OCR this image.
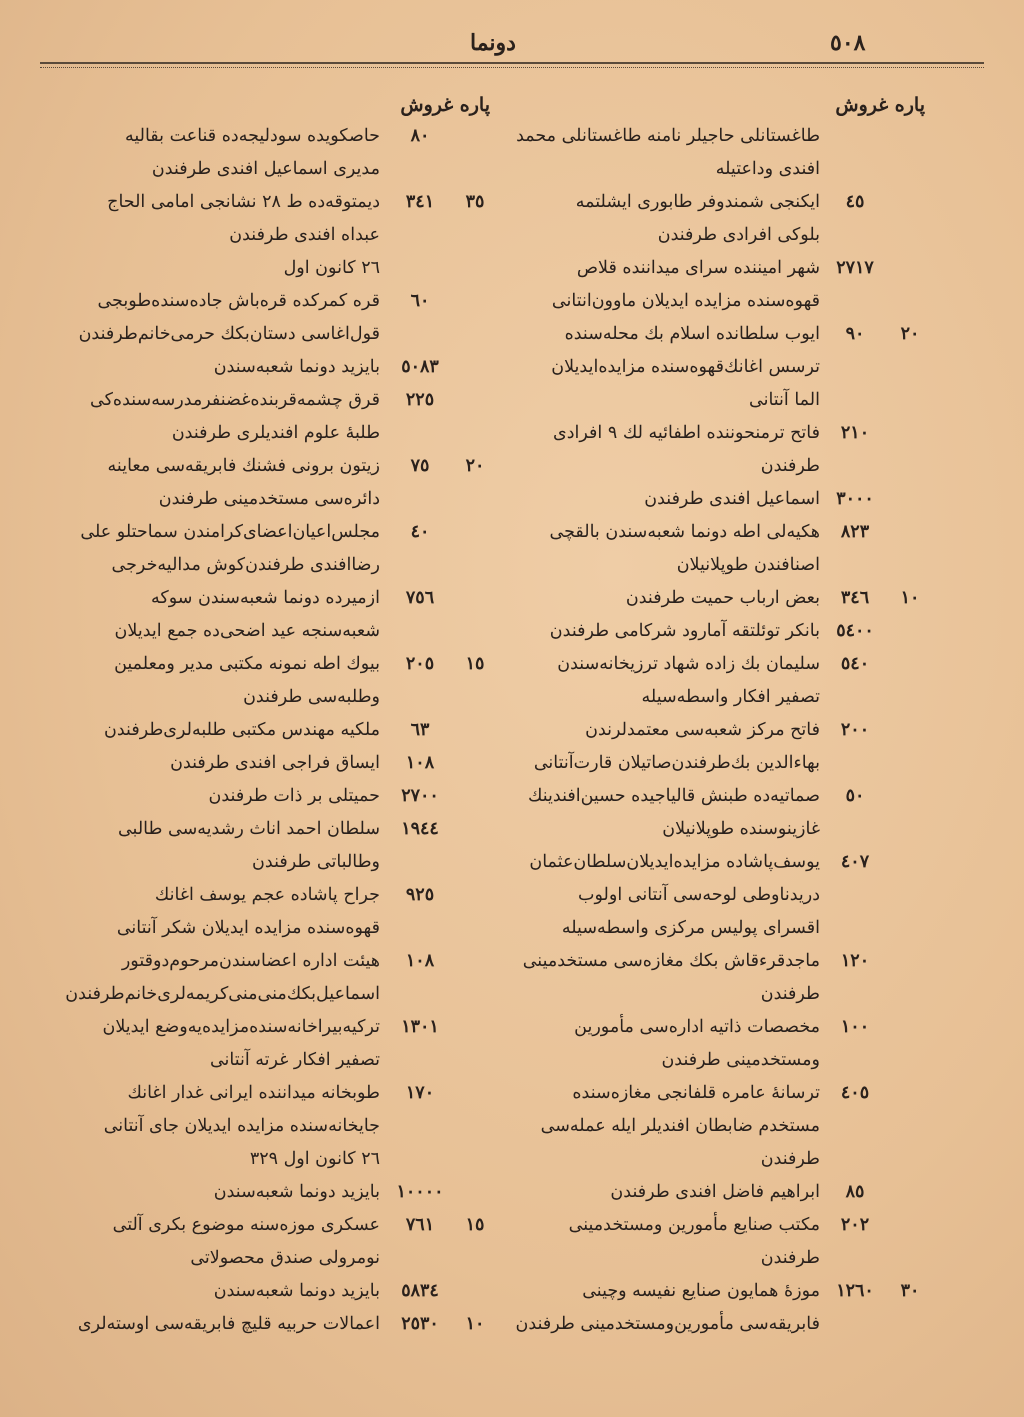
٥٠٨
دونما
پاره غروش
طاغستانلی حاجیلر نامنه طاغستانلی محمد
افندی وداعتیله
٤٥
ایکنجی شمندوفر طابوری ایشلتمه
بلوکی افرادی طرفندن
٢٧١٧
شهر امیننده سرای میداننده قلاص
قهوه‌سنده مزایده ایدیلان ماوون‌انتانی
٩٠	٢٠
ایوب سلطانده اسلام بك محله‌سنده
ترسس اغانك‌قهوه‌سنده مزایده‌ایدیلان
الما آنتانی
٢١٠
فاتح ترمنحوننده اطفائیه لك ٩ افرادی
طرفندن
٣٠٠٠
اسماعیل افندی طرفندن
٨٢٣
هكیه‌لی اطه دونما شعبه‌سندن بالقچی
اصنافندن طوپلانیلان
٣٤٦	١٠
بعض ارباب حمیت طرفندن
٥٤٠٠
بانكر توئلتقه آمارود شركامی طرفندن
٥٤٠
سلیمان بك زاده شهاد ترزیخانه‌سندن
تصفیر افكار واسطه‌سیله
٢٠٠
فاتح مركز شعبه‌سی معتمدلرندن
بهاءالدین بك‌طرفندن‌صاتیلان قارت‌آنتانی
٥٠
صماتیه‌ده طبنش قالیاجیده‌ حسین‌افندینك
غازینوسنده طوپلانیلان
٤٠٧
یوسف‌پاشاده مزایده‌ایدیلان‌سلطان‌عثمان
دریدناوطی لوحه‌سی آنتانی اولوب
اقسرای پولیس مركزی واسطه‌سیله
١٢٠
ماجدقرءقاش بكك مغازه‌سی مستخدمینی
طرفندن
١٠٠
مخصصات ذاتیه اداره‌سی مأمورین
ومستخدمینی طرفندن
٤٠٥
ترسانهٔ عامره قلفانجی مغازه‌سنده
مستخدم ضابطان افندیلر ایله عمله‌سی
طرفندن
٨٥
ابراهیم فاضل افندی طرفندن
٢٠٢
مكتب صنایع مأمورین ومستخدمینی
طرفندن
١٢٦٠	٣٠
موزهٔ همایون صنایع نفیسه وچینی
فابریقه‌سی مأمورین‌ومستخدمینی طرفندن
پاره غروش
٨٠
حاصكویده سودلیجه‌ده قناعت بقالیه
مدیری اسماعیل افندی طرفندن
٣٤١	٣٥
دیمتوقه‌ده ط ٢٨ نشانجی امامی الحاج
عبداه افندی طرفندن
٢٦ كانون اول
٦٠
قره كمركده قره‌باش جاده‌سنده‌طوبجی
قول‌اغاسی دستان‌بكك حرمی‌خانم‌طرفندن
٥٠٨٣
بایزید دونما شعبه‌سندن
٢٢٥
قرق چشمه‌قربنده‌غضنفرمدرسه‌سنده‌كی
طلبهٔ علوم افندیلری طرفندن
٧٥	٢٠
زیتون برونی فشنك فابریقه‌سی معاینه
دائره‌سی مستخدمینی طرفندن
٤٠
مجلس‌اعیان‌اعضای‌كرامندن سماحتلو علی
رضاافندی طرفندن‌كوش مدالیه‌خرجی
٧٥٦
ازمیرده دونما شعبه‌سندن سوكه
شعبه‌سنجه عید اضحی‌ده جمع ایدیلان
٢٠٥	١٥
بیوك اطه نمونه مكتبی مدیر ومعلمین
وطلبه‌سی طرفندن
٦٣
ملكیه مهندس مكتبی طلبه‌لری‌طرفندن
١٠٨
ایساق فراجی افندی طرفندن
٢٧٠٠
حمیتلی بر ذات طرفندن
١٩٤٤
سلطان احمد اناث رشدیه‌سی طالبی
وطالباتی طرفندن
٩٢٥
جراح پاشاده عجم یوسف اغانك
قهوه‌سنده مزایده ایدیلان شكر آنتانی
١٠٨
هیئت اداره اعضاسندن‌مرحوم‌دوقتور
اسماعیل‌بكك‌منی‌منی‌كریمه‌لری‌خانم‌طرفندن
١٣٠١
تركیه‌بیراخانه‌سنده‌مزایده‌یه‌وضع ایدیلان
تصفیر افكار غرته آنتانی
١٧٠
طوبخانه میداننده ایرانی غدار اغانك
جایخانه‌سنده مزایده ایدیلان جای آنتانی
٢٦ كانون اول ٣٢٩
١٠٠٠٠
بایزید دونما شعبه‌سندن
٧٦١	١٥
عسكری موزه‌سنه موضوع بكری آلتی
نومرولی صندق محصولاتی
٥٨٣٤
بایزید دونما شعبه‌سندن
٢٥٣٠	١٠
اعمالات حربیه قلیچ فابریقه‌سی اوسته‌لری
